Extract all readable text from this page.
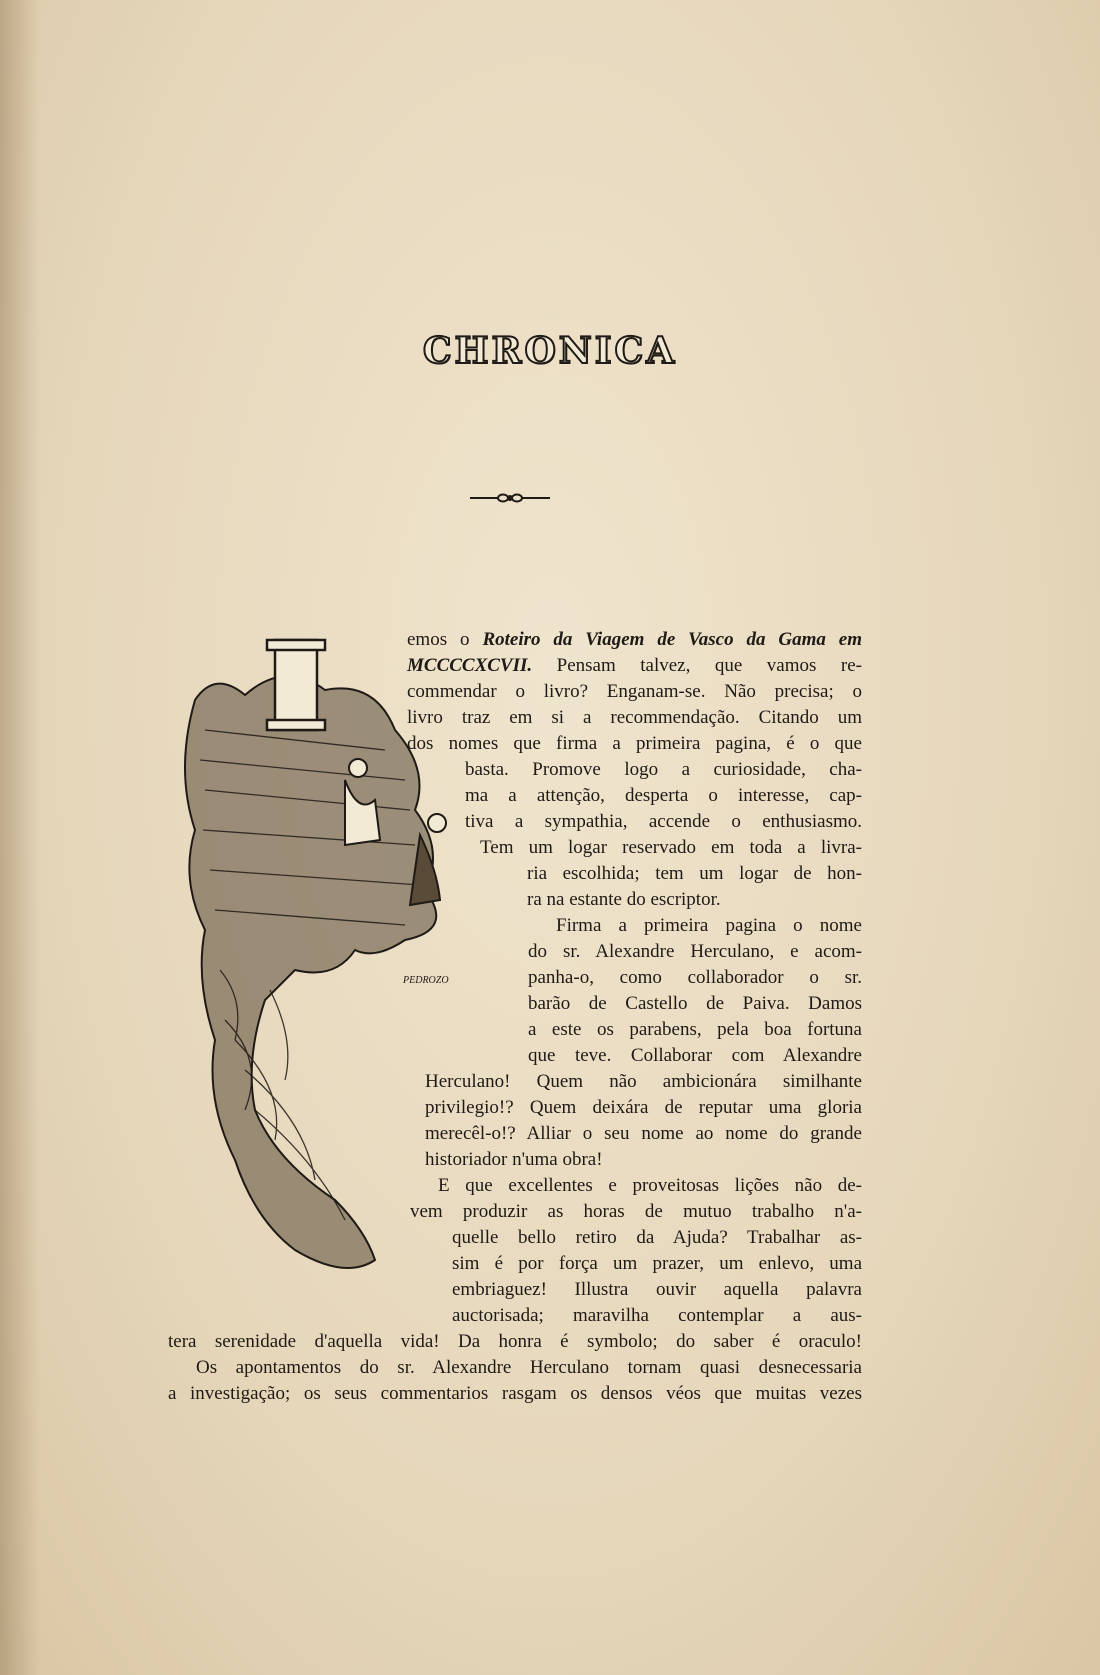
CHRONICA
PEDROZO
emos o Roteiro da Viagem de Vasco da Gama em
MCCCCXCVII. Pensam talvez, que vamos re-
commendar o livro? Enganam-se. Não precisa; o
livro traz em si a recommendação. Citando um
dos nomes que firma a primeira pagina, é o que
basta. Promove logo a curiosidade, cha-
ma a attenção, desperta o interesse, cap-
tiva a sympathia, accende o enthusiasmo.
Tem um logar reservado em toda a livra-
ria escolhida; tem um logar de hon-
ra na estante do escriptor.
Firma a primeira pagina o nome
do sr. Alexandre Herculano, e acom-
panha-o, como collaborador o sr.
barão de Castello de Paiva. Damos
a este os parabens, pela boa fortuna
que teve. Collaborar com Alexandre
Herculano! Quem não ambicionára similhante
privilegio!? Quem deixára de reputar uma gloria
merecêl-o!? Alliar o seu nome ao nome do grande
historiador n'uma obra!
E que excellentes e proveitosas lições não de-
vem produzir as horas de mutuo trabalho n'a-
quelle bello retiro da Ajuda? Trabalhar as-
sim é por força um prazer, um enlevo, uma
embriaguez! Illustra ouvir aquella palavra
auctorisada; maravilha contemplar a aus-
tera serenidade d'aquella vida! Da honra é symbolo; do saber é oraculo!
Os apontamentos do sr. Alexandre Herculano tornam quasi desnecessaria
a investigação; os seus commentarios rasgam os densos véos que muitas vezes
